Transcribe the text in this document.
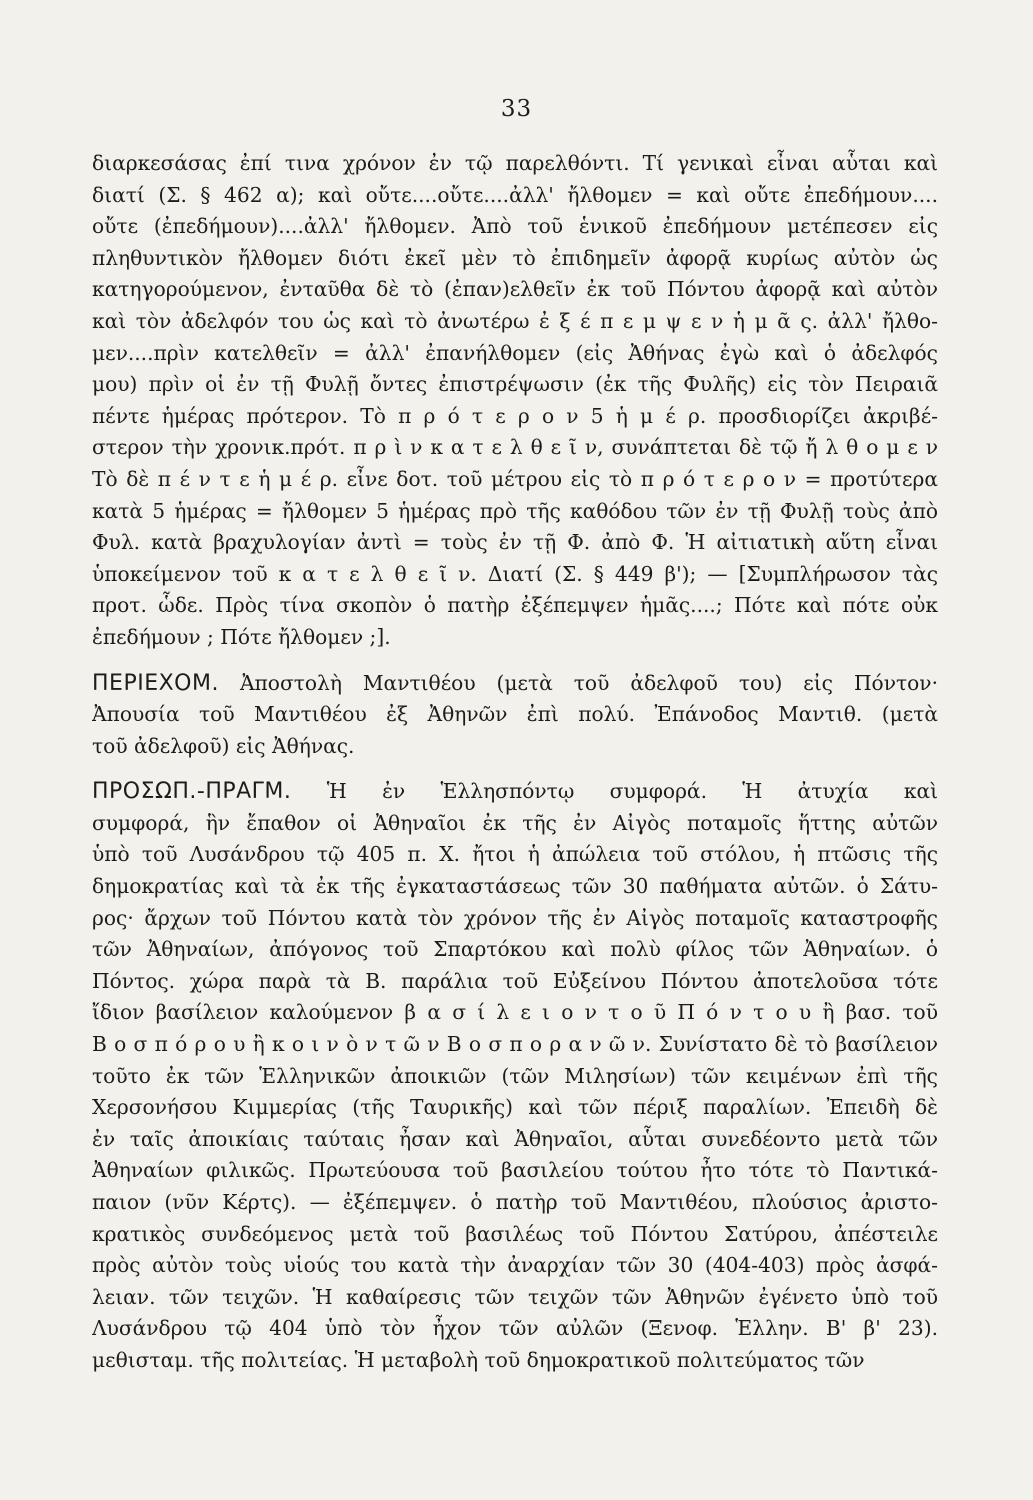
33
διαρκεσάσας ἐπί τινα χρόνον ἐν τῷ παρελθόντι. Τί γενικαὶ εἶναι αὗται καὶ
διατί (Σ. § 462 α); καὶ οὔτε....οὔτε....ἀλλ' ἤλθομεν = καὶ οὔτε ἐπεδήμουν....
οὔτε (ἐπεδήμουν)....ἀλλ' ἤλθομεν. Ἀπὸ τοῦ ἑνικοῦ ἐπεδήμουν μετέπεσεν εἰς
πληθυντικὸν ἤλθομεν διότι ἐκεῖ μὲν τὸ ἐπιδημεῖν ἀφορᾷ κυρίως αὐτὸν ὡς
κατηγορούμενον, ἐνταῦθα δὲ τὸ (ἐπαν)ελθεῖν ἐκ τοῦ Πόντου ἀφορᾷ καὶ αὐτὸν
καὶ τὸν ἀδελφόν του ὡς καὶ τὸ ἀνωτέρω ἐ ξ έ π ε μ ψ ε ν ἡ μ ᾶ ς. ἀλλ' ἤλθο-
μεν....πρὶν κατελθεῖν = ἀλλ' ἐπανήλθομεν (εἰς Ἀθήνας ἐγὼ καὶ ὁ ἀδελφός
μου) πρὶν οἱ ἐν τῇ Φυλῇ ὄντες ἐπιστρέψωσιν (ἐκ τῆς Φυλῆς) εἰς τὸν Πειραιᾶ
πέντε ἡμέρας πρότερον. Τὸ π ρ ό τ ε ρ ο ν 5 ἡ μ έ ρ. προσδιορίζει ἀκριβέ-
στερον τὴν χρονικ.πρότ. π ρ ὶ ν κ α τ ε λ θ ε ῖ ν, συνάπτεται δὲ τῷ ἤ λ θ ο μ ε ν
Τὸ δὲ π έ ν τ ε ἡ μ έ ρ. εἶνε δοτ. τοῦ μέτρου εἰς τὸ π ρ ό τ ε ρ ο ν = προτύτερα
κατὰ 5 ἡμέρας = ἤλθομεν 5 ἡμέρας πρὸ τῆς καθόδου τῶν ἐν τῇ Φυλῇ τοὺς ἀπὸ
Φυλ. κατὰ βραχυλογίαν ἀντὶ = τοὺς ἐν τῇ Φ. ἀπὸ Φ. Ἡ αἰτιατικὴ αὕτη εἶναι
ὑποκείμενον τοῦ κ α τ ε λ θ ε ῖ ν. Διατί (Σ. § 449 β'); — [Συμπλήρωσον τὰς
προτ. ὧδε. Πρὸς τίνα σκοπὸν ὁ πατὴρ ἐξέπεμψεν ἡμᾶς....; Πότε καὶ πότε οὐκ
ἐπεδήμουν ; Πότε ἤλθομεν ;].
ΠΕΡΙΕΧΟΜ. Ἀποστολὴ Μαντιθέου (μετὰ τοῦ ἀδελφοῦ του) εἰς Πόντον·
Ἀπουσία τοῦ Μαντιθέου ἐξ Ἀθηνῶν ἐπὶ πολύ. Ἐπάνοδος Μαντιθ. (μετὰ
τοῦ ἀδελφοῦ) εἰς Ἀθήνας.
ΠΡΟΣΩΠ.-ΠΡΑΓΜ. Ἡ ἐν Ἑλλησπόντῳ συμφορά. Ἡ ἀτυχία καὶ
συμφορά, ἣν ἔπαθον οἱ Ἀθηναῖοι ἐκ τῆς ἐν Αἰγὸς ποταμοῖς ἥττης αὐτῶν
ὑπὸ τοῦ Λυσάνδρου τῷ 405 π. Χ. ἤτοι ἡ ἀπώλεια τοῦ στόλου, ἡ πτῶσις τῆς
δημοκρατίας καὶ τὰ ἐκ τῆς ἐγκαταστάσεως τῶν 30 παθήματα αὐτῶν. ὁ Σάτυ-
ρος· ἄρχων τοῦ Πόντου κατὰ τὸν χρόνον τῆς ἐν Αἰγὸς ποταμοῖς καταστροφῆς
τῶν Ἀθηναίων, ἀπόγονος τοῦ Σπαρτόκου καὶ πολὺ φίλος τῶν Ἀθηναίων. ὁ
Πόντος. χώρα παρὰ τὰ Β. παράλια τοῦ Εὐξείνου Πόντου ἀποτελοῦσα τότε
ἴδιον βασίλειον καλούμενον β α σ ί λ ε ι ο ν τ ο ῦ Π ό ν τ ο υ ἢ βασ. τοῦ
Β ο σ π ό ρ ο υ ἢ κ ο ι ν ὸ ν τ ῶ ν Β ο σ π ο ρ α ν ῶ ν. Συνίστατο δὲ τὸ βασίλειον
τοῦτο ἐκ τῶν Ἑλληνικῶν ἀποικιῶν (τῶν Μιλησίων) τῶν κειμένων ἐπὶ τῆς
Χερσονήσου Κιμμερίας (τῆς Ταυρικῆς) καὶ τῶν πέριξ παραλίων. Ἐπειδὴ δὲ
ἐν ταῖς ἀποικίαις ταύταις ἦσαν καὶ Ἀθηναῖοι, αὗται συνεδέοντο μετὰ τῶν
Ἀθηναίων φιλικῶς. Πρωτεύουσα τοῦ βασιλείου τούτου ἦτο τότε τὸ Παντικά-
παιον (νῦν Κέρτς). — ἐξέπεμψεν. ὁ πατὴρ τοῦ Μαντιθέου, πλούσιος ἀριστο-
κρατικὸς συνδεόμενος μετὰ τοῦ βασιλέως τοῦ Πόντου Σατύρου, ἀπέστειλε
πρὸς αὐτὸν τοὺς υἱούς του κατὰ τὴν ἀναρχίαν τῶν 30 (404-403) πρὸς ἀσφά-
λειαν. τῶν τειχῶν. Ἡ καθαίρεσις τῶν τειχῶν τῶν Ἀθηνῶν ἐγένετο ὑπὸ τοῦ
Λυσάνδρου τῷ 404 ὑπὸ τὸν ἦχον τῶν αὐλῶν (Ξενοφ. Ἑλλην. Β' β' 23).
μεθισταμ. τῆς πολιτείας. Ἡ μεταβολὴ τοῦ δημοκρατικοῦ πολιτεύματος τῶν
